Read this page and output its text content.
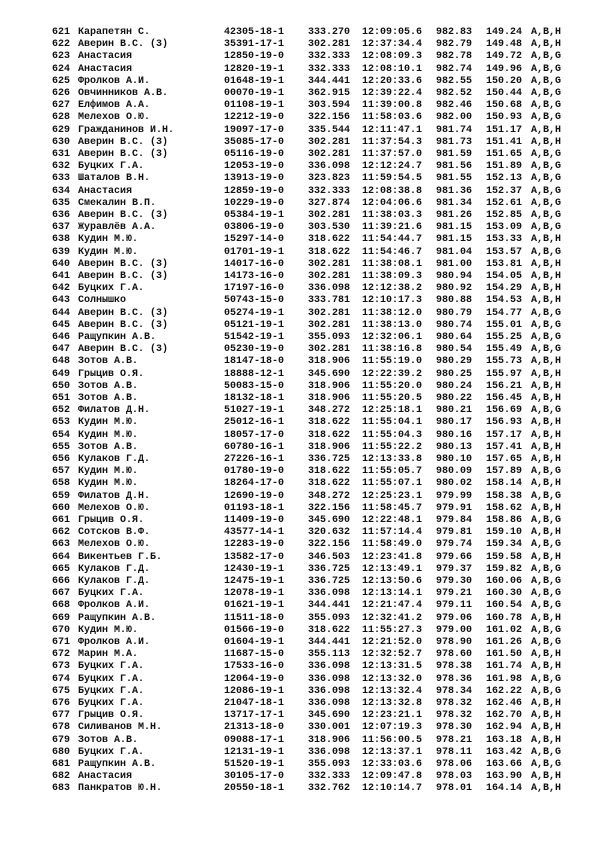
621 Карапетян С.	42305-18-1 333.270 12:09:05.6 982.83 149.24 A,B,H
622 Аверин В.С. (3)	35391-17-1 302.281 12:37:34.4 982.79 149.48 A,B,H
623 Анастасия	12850-19-0 332.333 12:08:09.3 982.78 149.72 A,B,G
624 Анастасия	12820-19-1 332.333 12:08:10.1 982.74 149.96 A,B,G
625 Фролков А.И.	01648-19-1 344.441 12:20:33.6 982.55 150.20 A,B,G
626 Овчинников А.В.	00070-19-1 362.915 12:39:22.4 982.52 150.44 A,B,G
627 Елфимов А.А.	01108-19-1 303.594 11:39:00.8 982.46 150.68 A,B,G
628 Мелехов О.Ю.	12212-19-0 322.156 11:58:03.6 982.00 150.93 A,B,G
629 Гражданинов И.Н.	19097-17-0 335.544 12:11:47.1 981.74 151.17 A,B,H
630 Аверин В.С. (3)	35085-17-0 302.281 11:37:54.3 981.73 151.41 A,B,H
631 Аверин В.С. (3)	05116-19-0 302.281 11:37:57.0 981.59 151.65 A,B,G
632 Буцких Г.А.	12053-19-0 336.098 12:12:24.7 981.56 151.89 A,B,G
633 Шаталов В.Н.	13913-19-0 323.823 11:59:54.5 981.55 152.13 A,B,G
634 Анастасия	12859-19-0 332.333 12:08:38.8 981.36 152.37 A,B,G
635 Смекалин В.П.	10229-19-0 327.874 12:04:06.6 981.34 152.61 A,B,G
636 Аверин В.С. (3)	05384-19-1 302.281 11:38:03.3 981.26 152.85 A,B,G
637 Журавлёв А.А.	03806-19-0 303.530 11:39:21.6 981.15 153.09 A,B,G
638 Кудин М.Ю.	15297-14-0 318.622 11:54:44.7 981.15 153.33 A,B,H
639 Кудин М.Ю.	01701-19-1 318.622 11:54:46.7 981.04 153.57 A,B,G
640 Аверин В.С. (3)	14017-16-0 302.281 11:38:08.1 981.00 153.81 A,B,H
641 Аверин В.С. (3)	14173-16-0 302.281 11:38:09.3 980.94 154.05 A,B,H
642 Буцких Г.А.	17197-16-0 336.098 12:12:38.2 980.92 154.29 A,B,H
643 Солнышко	50743-15-0 333.781 12:10:17.3 980.88 154.53 A,B,H
644 Аверин В.С. (3)	05274-19-1 302.281 11:38:12.0 980.79 154.77 A,B,G
645 Аверин В.С. (3)	05121-19-1 302.281 11:38:13.0 980.74 155.01 A,B,G
646 Ращупкин А.В.	51542-19-1 355.093 12:32:06.1 980.64 155.25 A,B,G
647 Аверин В.С. (3)	05230-19-0 302.281 11:38:16.8 980.54 155.49 A,B,G
648 Зотов А.В.	18147-18-0 318.906 11:55:19.0 980.29 155.73 A,B,H
649 Грыцив О.Я.	18888-12-1 345.690 12:22:39.2 980.25 155.97 A,B,H
650 Зотов А.В.	50083-15-0 318.906 11:55:20.0 980.24 156.21 A,B,H
651 Зотов А.В.	18132-18-1 318.906 11:55:20.5 980.22 156.45 A,B,H
652 Филатов Д.Н.	51027-19-1 348.272 12:25:18.1 980.21 156.69 A,B,G
653 Кудин М.Ю.	25012-16-1 318.622 11:55:04.1 980.17 156.93 A,B,H
654 Кудин М.Ю.	18057-17-0 318.622 11:55:04.3 980.16 157.17 A,B,H
655 Зотов А.В.	60780-16-1 318.906 11:55:22.2 980.13 157.41 A,B,H
656 Кулаков Г.Д.	27226-16-1 336.725 12:13:33.8 980.10 157.65 A,B,H
657 Кудин М.Ю.	01780-19-0 318.622 11:55:05.7 980.09 157.89 A,B,G
658 Кудин М.Ю.	18264-17-0 318.622 11:55:07.1 980.02 158.14 A,B,H
659 Филатов Д.Н.	12690-19-0 348.272 12:25:23.1 979.99 158.38 A,B,G
660 Мелехов О.Ю.	01193-18-1 322.156 11:58:45.7 979.91 158.62 A,B,H
661 Грыцив О.Я.	11409-19-0 345.690 12:22:48.1 979.84 158.86 A,B,G
662 Сотсков В.Ф.	43577-14-1 320.632 11:57:14.4 979.81 159.10 A,B,H
663 Мелехов О.Ю.	12283-19-0 322.156 11:58:49.0 979.74 159.34 A,B,G
664 Викентьев Г.Б.	13582-17-0 346.503 12:23:41.8 979.66 159.58 A,B,H
665 Кулаков Г.Д.	12430-19-1 336.725 12:13:49.1 979.37 159.82 A,B,G
666 Кулаков Г.Д.	12475-19-1 336.725 12:13:50.6 979.30 160.06 A,B,G
667 Буцких Г.А.	12078-19-1 336.098 12:13:14.1 979.21 160.30 A,B,G
668 Фролков А.И.	01621-19-1 344.441 12:21:47.4 979.11 160.54 A,B,G
669 Ращупкин А.В.	11511-18-0 355.093 12:32:41.2 979.06 160.78 A,B,H
670 Кудин М.Ю.	01566-19-0 318.622 11:55:27.3 979.00 161.02 A,B,G
671 Фролков А.И.	01604-19-1 344.441 12:21:52.0 978.90 161.26 A,B,G
672 Марин М.А.	11687-15-0 355.113 12:32:52.7 978.60 161.50 A,B,H
673 Буцких Г.А.	17533-16-0 336.098 12:13:31.5 978.38 161.74 A,B,H
674 Буцких Г.А.	12064-19-0 336.098 12:13:32.0 978.36 161.98 A,B,G
675 Буцких Г.А.	12086-19-1 336.098 12:13:32.4 978.34 162.22 A,B,G
676 Буцких Г.А.	21047-18-1 336.098 12:13:32.8 978.32 162.46 A,B,H
677 Грыцив О.Я.	13717-17-1 345.690 12:23:21.1 978.32 162.70 A,B,H
678 Силиванов М.Н.	21313-18-0 330.001 12:07:19.3 978.30 162.94 A,B,H
679 Зотов А.В.	09088-17-1 318.906 11:56:00.5 978.21 163.18 A,B,H
680 Буцких Г.А.	12131-19-1 336.098 12:13:37.1 978.11 163.42 A,B,G
681 Ращупкин А.В.	51520-19-1 355.093 12:33:03.6 978.06 163.66 A,B,G
682 Анастасия	30105-17-0 332.333 12:09:47.8 978.03 163.90 A,B,H
683 Панкратов Ю.Н.	20550-18-1 332.762 12:10:14.7 978.01 164.14 A,B,H
